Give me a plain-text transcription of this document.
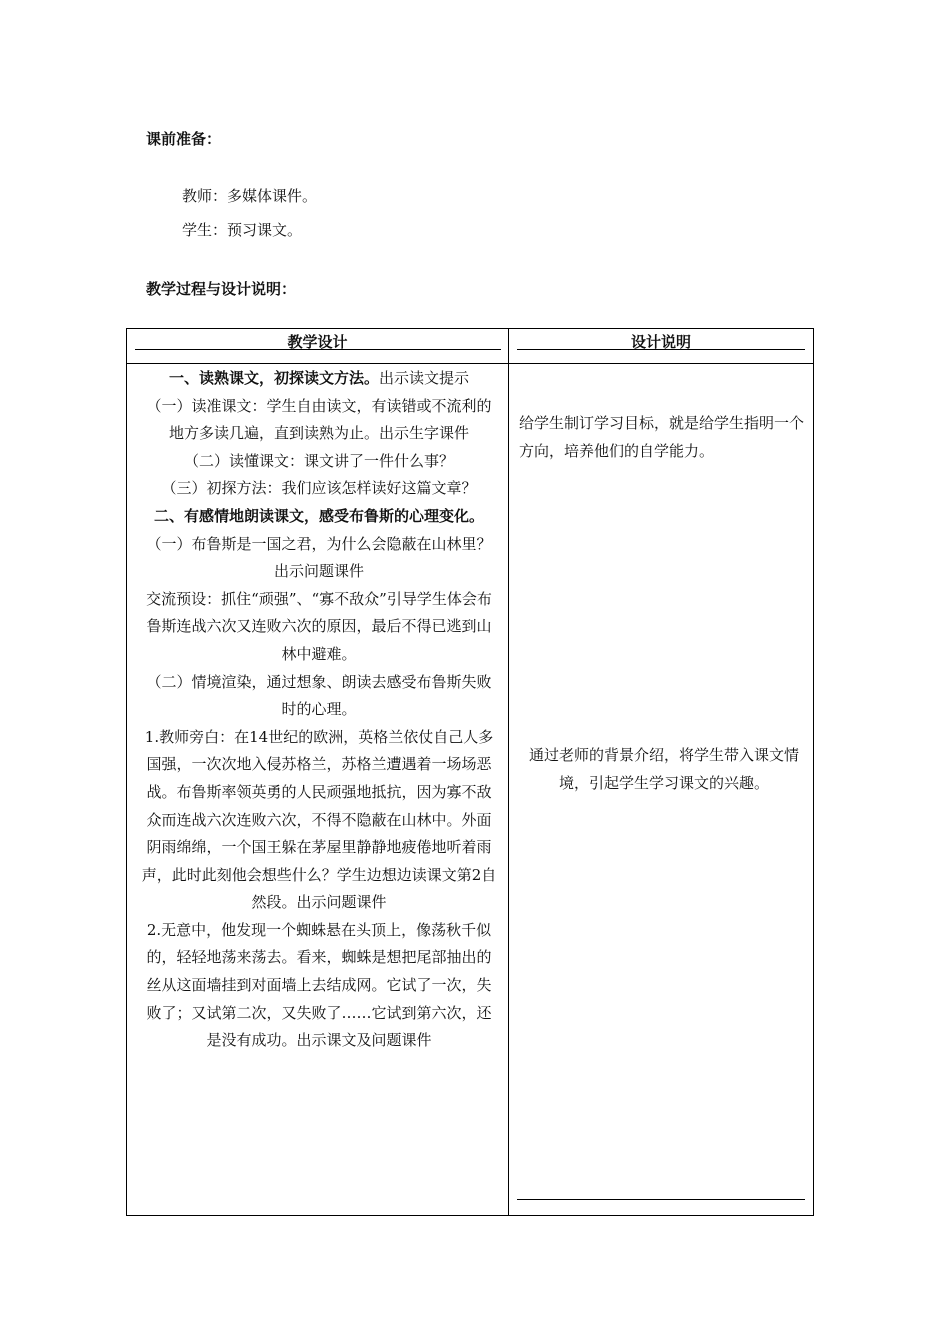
课前准备：
教师：多媒体课件。
学生：预习课文。
教学过程与设计说明：
教学设计	设计说明

一、读熟课文，初探读文方法。出示读文提示

（一）读准课文：学生自由读文，有读错或不流利的地方多读几遍，直到读熟为止。出示生字课件

（二）读懂课文：课文讲了一件什么事？

（三）初探方法：我们应该怎样读好这篇文章？

二、有感情地朗读课文，感受布鲁斯的心理变化。

（一）布鲁斯是一国之君，为什么会隐蔽在山林里？出示问题课件

交流预设：抓住“顽强”、“寡不敌众”引导学生体会布鲁斯连战六次又连败六次的原因，最后不得已逃到山林中避难。

（二）情境渲染，通过想象、朗读去感受布鲁斯失败时的心理。

1.教师旁白：在14世纪的欧洲，英格兰依仗自己人多国强，一次次地入侵苏格兰，苏格兰遭遇着一场场恶战。布鲁斯率领英勇的人民顽强地抵抗，因为寡不敌众而连战六次连败六次，不得不隐蔽在山林中。外面阴雨绵绵，一个国王躲在茅屋里静静地疲倦地听着雨声，此时此刻他会想些什么？学生边想边读课文第2自然段。出示问题课件

2.无意中，他发现一个蜘蛛悬在头顶上，像荡秋千似的，轻轻地荡来荡去。看来，蜘蛛是想把尾部抽出的丝从这面墙挂到对面墙上去结成网。它试了一次，失败了；又试第二次，又失败了……它试到第六次，还是没有成功。出示课文及问题课件

给学生制订学习目标，就是给学生指明一个方向，培养他们的自学能力。
通过老师的背景介绍，将学生带入课文情境，引起学生学习课文的兴趣。
